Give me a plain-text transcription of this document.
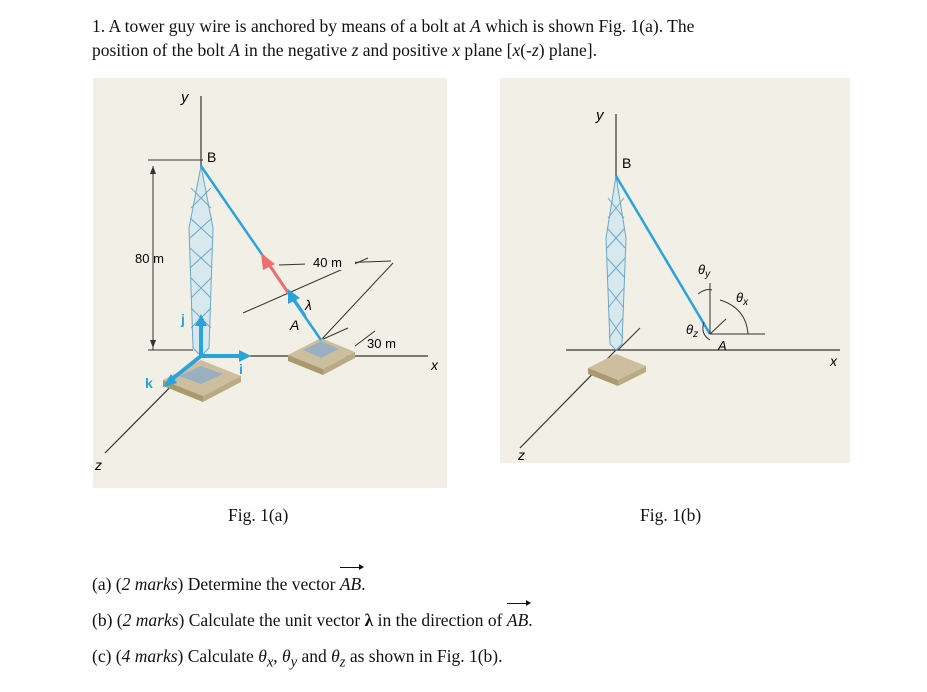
1. A tower guy wire is anchored by means of a bolt at A which is shown Fig. 1(a). The
position of the bolt A in the negative z and positive x plane [x(-z) plane].
80 m
λ
40 m
30 m
y
B
A
j
i
k
x
z
Fig. 1(a)
$\theta_y$
$\theta_x$
$\theta_z$
y
B
A
x
z
Fig. 1(b)
(a) (2 marks) Determine the vector AB.
(b) (2 marks) Calculate the unit vector λ in the direction of AB.
(c) (4 marks) Calculate $\theta_x$, $\theta_y$ and $\theta_z$ as shown in Fig. 1(b).
